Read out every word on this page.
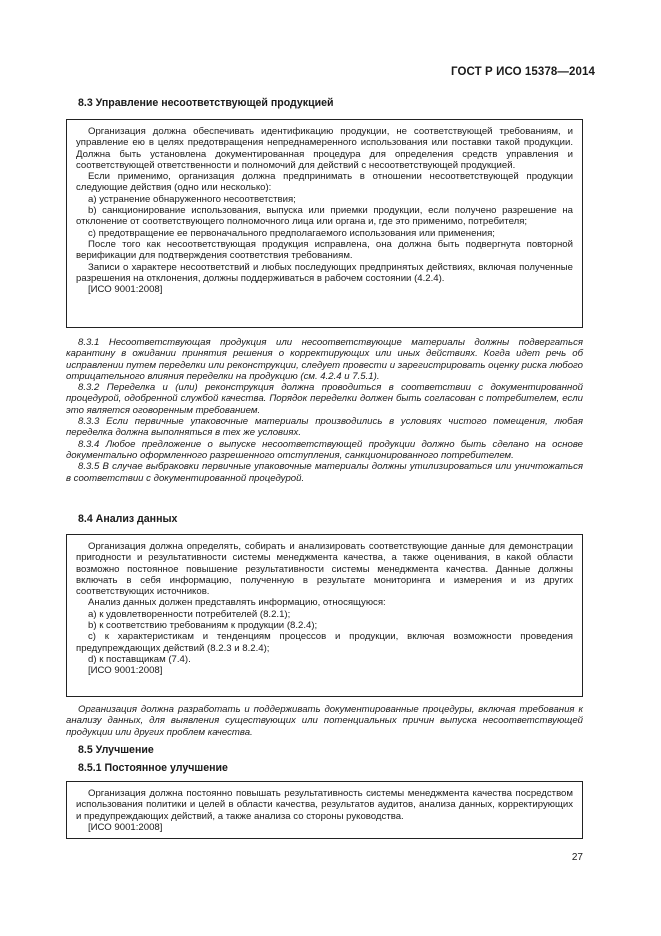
ГОСТ Р ИСО 15378—2014
8.3 Управление несоответствующей продукцией

Организация должна обеспечивать идентификацию продукции, не соответствующей требованиям, и управление ею в целях предотвращения непреднамеренного использования или поставки такой продукции. Должна быть установлена документированная процедура для определения средств управления и соответствующей ответственности и полномочий для действий с несоответствующей продукцией.

Если применимо, организация должна предпринимать в отношении несоответствующей продукции следующие действия (одно или несколько):

a) устранение обнаруженного несоответствия;

b) санкционирование использования, выпуска или приемки продукции, если получено разрешение на отклонение от соответствующего полномочного лица или органа и, где это применимо, потребителя;

c) предотвращение ее первоначального предполагаемого использования или применения;

После того как несоответствующая продукция исправлена, она должна быть подвергнута повторной верификации для подтверждения соответствия требованиям.

Записи о характере несоответствий и любых последующих предпринятых действиях, включая полученные разрешения на отклонения, должны поддерживаться в рабочем состоянии (4.2.4).

[ИСО 9001:2008]

8.3.1 Несоответствующая продукция или несоответствующие материалы должны подвергаться карантину в ожидании принятия решения о корректирующих или иных действиях. Когда идет речь об исправлении путем переделки или реконструкции, следует провести и зарегистрировать оценку риска любого отрицательного влияния переделки на продукцию (см. 4.2.4 и 7.5.1).

8.3.2 Переделка и (или) реконструкция должна проводиться в соответствии с документированной процедурой, одобренной службой качества. Порядок переделки должен быть согласован с потребителем, если это является оговоренным требованием.

8.3.3 Если первичные упаковочные материалы производились в условиях чистого помещения, любая переделка должна выполняться в тех же условиях.

8.3.4 Любое предложение о выпуске несоответствующей продукции должно быть сделано на основе документально оформленного разрешенного отступления, санкционированного потребителем.

8.3.5 В случае выбраковки первичные упаковочные материалы должны утилизироваться или уничтожаться в соответствии с документированной процедурой.

8.4 Анализ данных

Организация должна определять, собирать и анализировать соответствующие данные для демонстрации пригодности и результативности системы менеджмента качества, а также оценивания, в какой области возможно постоянное повышение результативности системы менеджмента качества. Данные должны включать в себя информацию, полученную в результате мониторинга и измерения и из других соответствующих источников.

Анализ данных должен представлять информацию, относящуюся:

a) к удовлетворенности потребителей (8.2.1);

b) к соответствию требованиям к продукции (8.2.4);

c) к характеристикам и тенденциям процессов и продукции, включая возможности проведения предупреждающих действий (8.2.3 и 8.2.4);

d) к поставщикам (7.4).

[ИСО 9001:2008]

Организация должна разработать и поддерживать документированные процедуры, включая требования к анализу данных, для выявления существующих или потенциальных причин выпуска несоответствующей продукции или других проблем качества.

8.5 Улучшение
8.5.1 Постоянное улучшение

Организация должна постоянно повышать результативность системы менеджмента качества посредством использования политики и целей в области качества, результатов аудитов, анализа данных, корректирующих и предупреждающих действий, а также анализа со стороны руководства.

[ИСО 9001:2008]

27
